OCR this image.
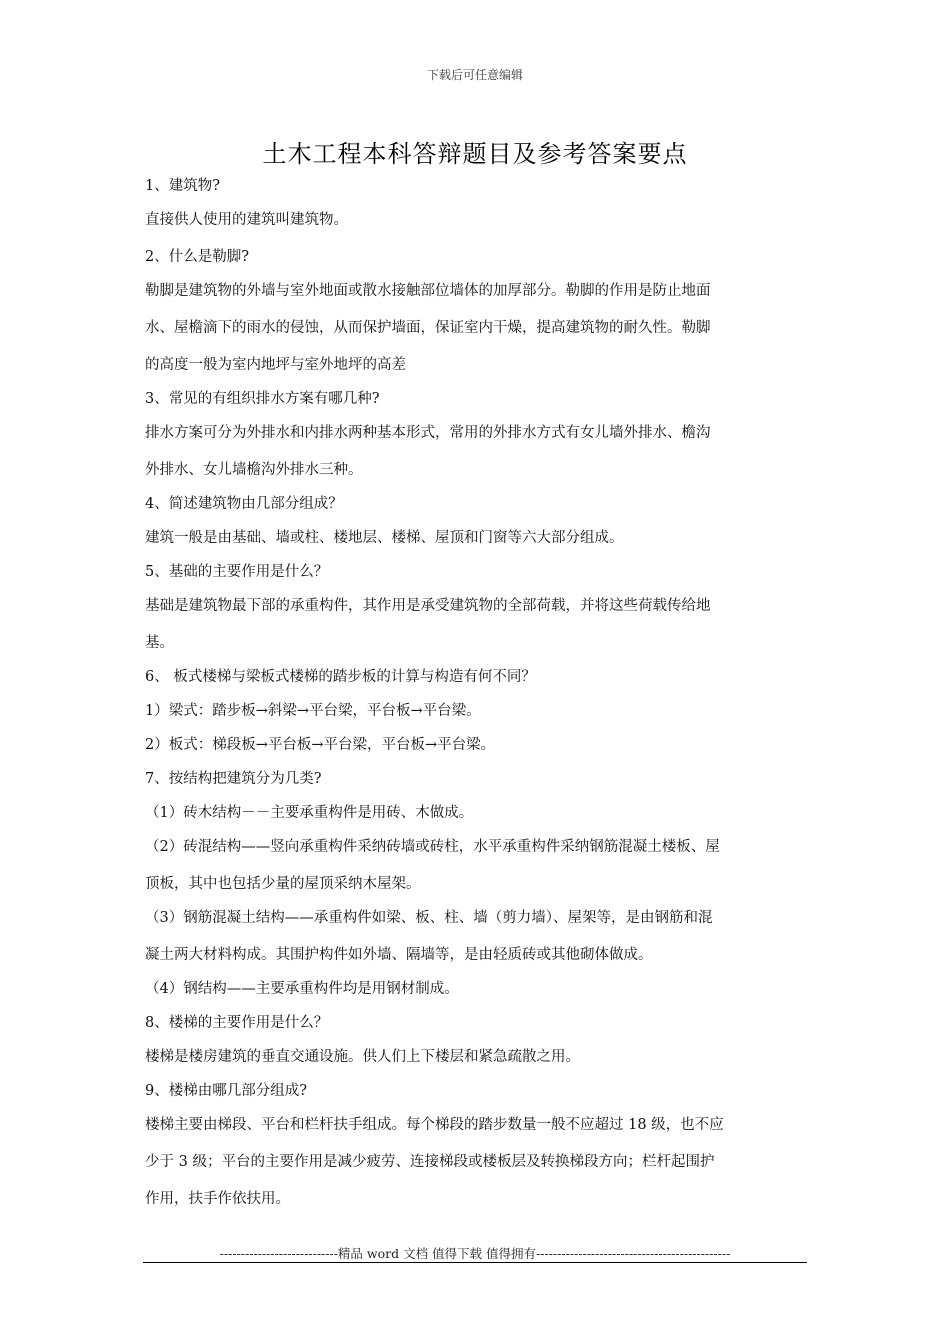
下载后可任意编辑
土木工程本科答辩题目及参考答案要点
1、建筑物?
直接供人使用的建筑叫建筑物。
2、什么是勒脚?
勒脚是建筑物的外墙与室外地面或散水接触部位墙体的加厚部分。勒脚的作用是防止地面
水、屋檐滴下的雨水的侵蚀，从而保护墙面，保证室内干燥，提高建筑物的耐久性。勒脚
的高度一般为室内地坪与室外地坪的高差
3、常见的有组织排水方案有哪几种?
排水方案可分为外排水和内排水两种基本形式，常用的外排水方式有女儿墙外排水、檐沟
外排水、女儿墙檐沟外排水三种。
4、简述建筑物由几部分组成？
建筑一般是由基础、墙或柱、楼地层、楼梯、屋顶和门窗等六大部分组成。
5、基础的主要作用是什么？
基础是建筑物最下部的承重构件，其作用是承受建筑物的全部荷载，并将这些荷载传给地
基。
6、 板式楼梯与梁板式楼梯的踏步板的计算与构造有何不同？
1）梁式：踏步板→斜梁→平台梁，平台板→平台梁。
2）板式：梯段板→平台板→平台梁，平台板→平台梁。
7、按结构把建筑分为几类?
（1）砖木结构－－主要承重构件是用砖、木做成。
（2）砖混结构——竖向承重构件采纳砖墙或砖柱，水平承重构件采纳钢筋混凝土楼板、屋
顶板，其中也包括少量的屋顶采纳木屋架。
（3）钢筋混凝土结构——承重构件如梁、板、柱、墙（剪力墙）、屋架等，是由钢筋和混
凝土两大材料构成。其围护构件如外墙、隔墙等，是由轻质砖或其他砌体做成。
（4）钢结构——主要承重构件均是用钢材制成。
8、楼梯的主要作用是什么？
楼梯是楼房建筑的垂直交通设施。供人们上下楼层和紧急疏散之用。
9、楼梯由哪几部分组成?
楼梯主要由梯段、平台和栏杆扶手组成。每个梯段的踏步数量一般不应超过 18 级，也不应
少于 3 级；平台的主要作用是减少疲劳、连接梯段或楼板层及转换梯段方向；栏杆起围护
作用，扶手作依扶用。
----------------------------精品 word 文档 值得下载 值得拥有----------------------------------------------
